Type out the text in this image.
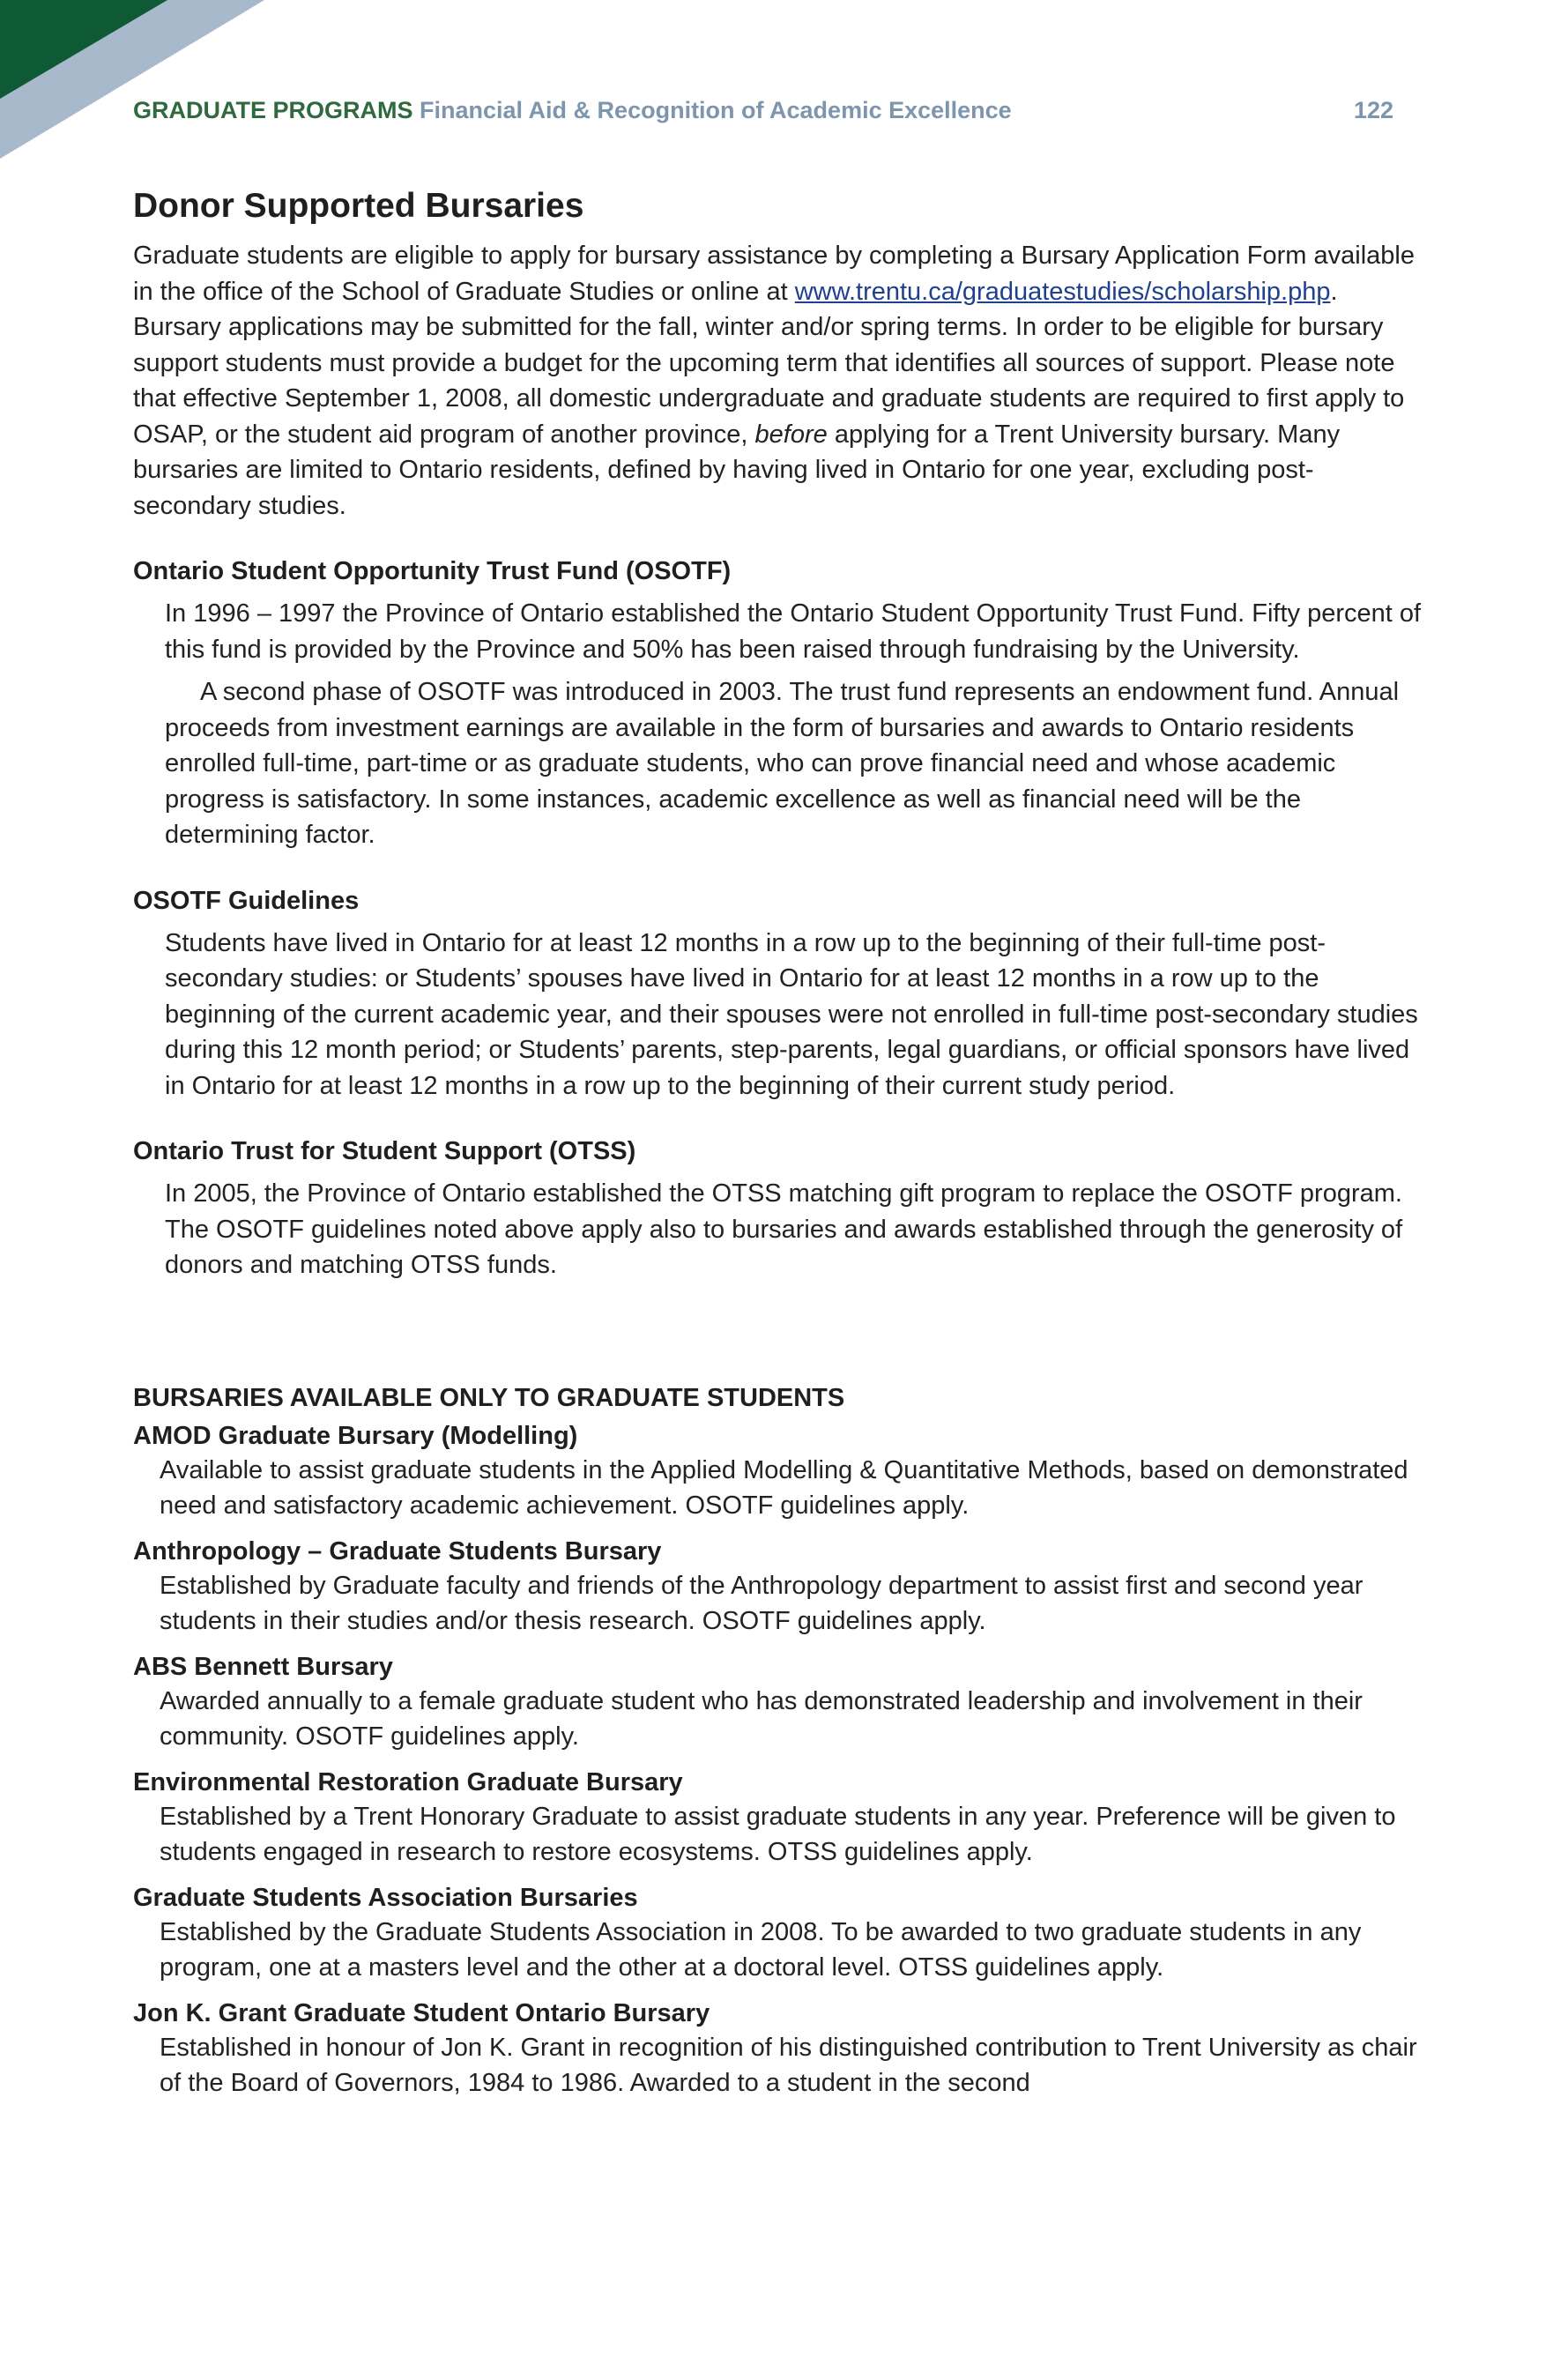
GRADUATE PROGRAMS Financial Aid & Recognition of Academic Excellence	122
Donor Supported Bursaries

Graduate students are eligible to apply for bursary assistance by completing a Bursary Application Form available in the office of the School of Graduate Studies or online at www.trentu.ca/graduatestudies/scholarship.php. Bursary applications may be submitted for the fall, winter and/or spring terms. In order to be eligible for bursary support students must provide a budget for the upcoming term that identifies all sources of support. Please note that effective September 1, 2008, all domestic undergraduate and graduate students are required to first apply to OSAP, or the student aid program of another province, before applying for a Trent University bursary. Many bursaries are limited to Ontario residents, defined by having lived in Ontario for one year, excluding post-secondary studies.

Ontario Student Opportunity Trust Fund (OSOTF)

In 1996 – 1997 the Province of Ontario established the Ontario Student Opportunity Trust Fund. Fifty percent of this fund is provided by the Province and 50% has been raised through fundraising by the University.

A second phase of OSOTF was introduced in 2003. The trust fund represents an endowment fund. Annual proceeds from investment earnings are available in the form of bursaries and awards to Ontario residents enrolled full-time, part-time or as graduate students, who can prove financial need and whose academic progress is satisfactory. In some instances, academic excellence as well as financial need will be the determining factor.

OSOTF Guidelines

Students have lived in Ontario for at least 12 months in a row up to the beginning of their full-time post-secondary studies: or Students’ spouses have lived in Ontario for at least 12 months in a row up to the beginning of the current academic year, and their spouses were not enrolled in full-time post-secondary studies during this 12 month period; or Students’ parents, step-parents, legal guardians, or official sponsors have lived in Ontario for at least 12 months in a row up to the beginning of their current study period.

Ontario Trust for Student Support (OTSS)

In 2005, the Province of Ontario established the OTSS matching gift program to replace the OSOTF program. The OSOTF guidelines noted above apply also to bursaries and awards established through the generosity of donors and matching OTSS funds.

BURSARIES AVAILABLE ONLY TO GRADUATE STUDENTS
AMOD Graduate Bursary (Modelling)

Available to assist graduate students in the Applied Modelling & Quantitative Methods, based on demonstrated need and satisfactory academic achievement. OSOTF guidelines apply.

Anthropology – Graduate Students Bursary

Established by Graduate faculty and friends of the Anthropology department to assist first and second year students in their studies and/or thesis research. OSOTF guidelines apply.

ABS Bennett Bursary

Awarded annually to a female graduate student who has demonstrated leadership and involvement in their community. OSOTF guidelines apply.

Environmental Restoration Graduate Bursary

Established by a Trent Honorary Graduate to assist graduate students in any year. Preference will be given to students engaged in research to restore ecosystems. OTSS guidelines apply.

Graduate Students Association Bursaries

Established by the Graduate Students Association in 2008. To be awarded to two graduate students in any program, one at a masters level and the other at a doctoral level. OTSS guidelines apply.

Jon K. Grant Graduate Student Ontario Bursary

Established in honour of Jon K. Grant in recognition of his distinguished contribution to Trent University as chair of the Board of Governors, 1984 to 1986. Awarded to a student in the second
